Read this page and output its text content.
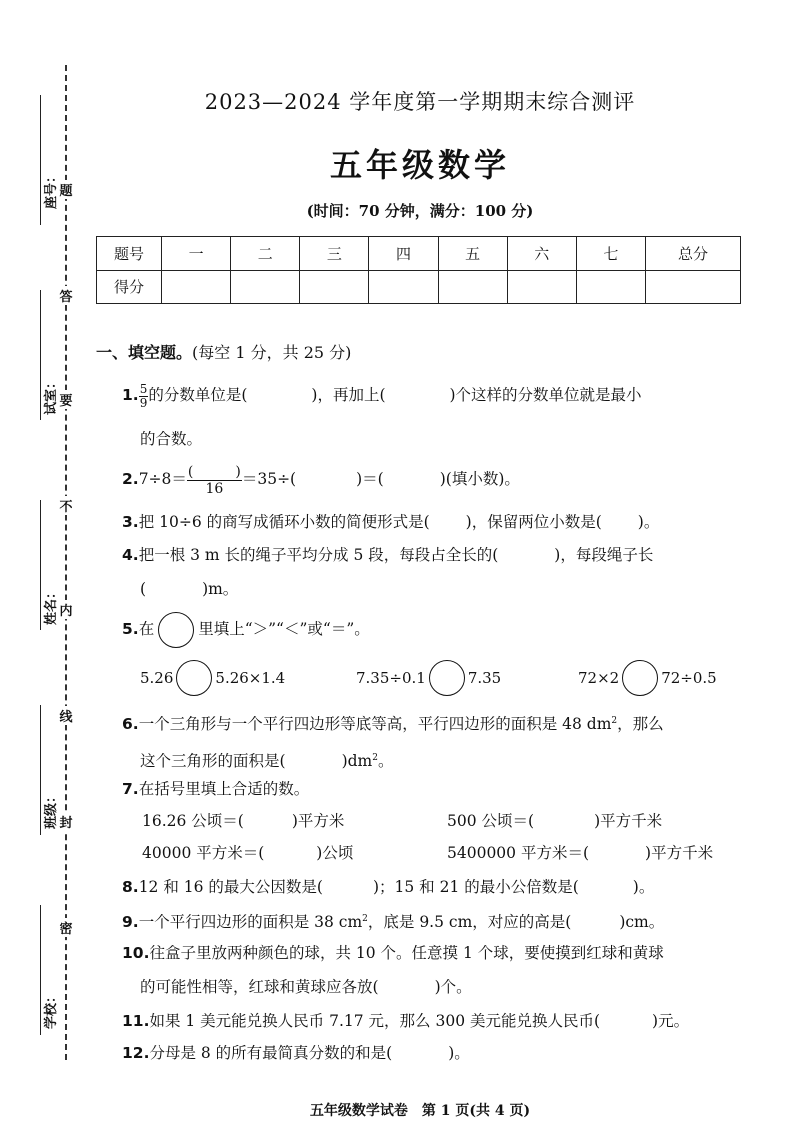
题
答
要
不
内
线
封
密
座号：
试室：
姓名：
班级：
学校：
2023—2024 学年度第一学期期末综合测评
五年级数学
(时间：70 分钟，满分：100 分)
题号	一	二	三	四	五	六	七	总分
得分								
一、填空题。(每空 1 分，共 25 分)
1. $\frac{5}{9}$ 的分数单位是(	)，再加上(	)个这样的分数单位就是最小
的合数。
$2.7\div 8= \frac{( )}{16} =35\div$(	)＝(	)(填小数)。
3.把 10÷6 的商写成循环小数的简便形式是( )，保留两位小数是( )。
4.把一根 3 m 长的绳子平均分成 5 段，每段占全长的(	)，每段绳子长
(	)m。
5.在	里填上“＞”“＜”或“＝”。
5.26	5.26×1.4	7.35÷0.1	7.35	72×2	72÷0.5
6.一个三角形与一个平行四边形等底等高，平行四边形的面积是 48 $dm^2$，那么
这个三角形的面积是(	)$dm^2$。
7.在括号里填上合适的数。
16.26 公顷＝(	)平方米	500 公顷＝(	)平方千米
40000 平方米＝(	)公顷	5400000 平方米＝(	)平方千米
8.12 和 16 的最大公因数是(	)；15 和 21 的最小公倍数是(	)。
9.一个平行四边形的面积是 38 $cm^2$，底是 9.5 cm，对应的高是(	)cm。
10.往盒子里放两种颜色的球，共 10 个。任意摸 1 个球，要使摸到红球和黄球
的可能性相等，红球和黄球应各放(	)个。
11.如果 1 美元能兑换人民币 7.17 元，那么 300 美元能兑换人民币(	)元。
12.分母是 8 的所有最简真分数的和是(	)。
五年级数学试卷　第 1 页(共 4 页)
